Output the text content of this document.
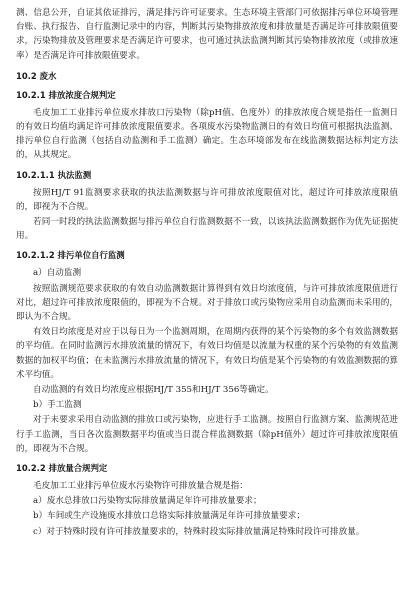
测、信息公开，自证其依证排污，满足排污许可证要求。生态环境主管部门可依据排污单位环境管理台账、执行报告、自行监测记录中的内容，判断其污染物排放浓度和排放量是否满足许可排放限值要求，污染物排放及管理要求是否满足许可要求，也可通过执法监测判断其污染物排放浓度（或排放速率）是否满足许可排放限值要求。

10.2 废水
10.2.1 排放浓度合规判定

毛皮加工工业排污单位废水排放口污染物（除pH值、色度外）的排放浓度合规是指任一监测日的有效日均值均满足许可排放浓度限值要求。各项废水污染物监测日的有效日均值可根据执法监测、排污单位自行监测（包括自动监测和手工监测）确定。生态环境部发布在线监测数据达标判定方法的，从其规定。

10.2.1.1 执法监测

按照HJ/T 91监测要求获取的执法监测数据与许可排放浓度限值对比，超过许可排放浓度限值的，即视为不合规。

若同一时段的执法监测数据与排污单位自行监测数据不一致，以该执法监测数据作为优先证据使用。

10.2.1.2 排污单位自行监测

a）自动监测

按照监测规范要求获取的有效自动监测数据计算得到有效日均浓度值，与许可排放浓度限值进行对比，超过许可排放浓度限值的，即视为不合规。对于排放口或污染物应采用自动监测而未采用的，即认为不合规。

有效日均浓度是对应于以每日为一个监测周期，在周期内获得的某个污染物的多个有效监测数据的平均值。在同时监测污水排放流量的情况下，有效日均值是以流量为权重的某个污染物的有效监测数据的加权平均值；在未监测污水排放流量的情况下，有效日均值是某个污染物的有效监测数据的算术平均值。

自动监测的有效日均浓度应根据HJ/T 355和HJ/T 356等确定。

b）手工监测

对于未要求采用自动监测的排放口或污染物，应进行手工监测。按照自行监测方案、监测规范进行手工监测，当日各次监测数据平均值或当日混合样监测数据（除pH值外）超过许可排放浓度限值的，即视为不合规。

10.2.2 排放量合规判定

毛皮加工工业排污单位废水污染物许可排放量合规是指：

a）废水总排放口污染物实际排放量满足年许可排放量要求；

b）车间或生产设施废水排放口总铬实际排放量满足年许可排放量要求；

c）对于特殊时段有许可排放量要求的，特殊时段实际排放量满足特殊时段许可排放量。
